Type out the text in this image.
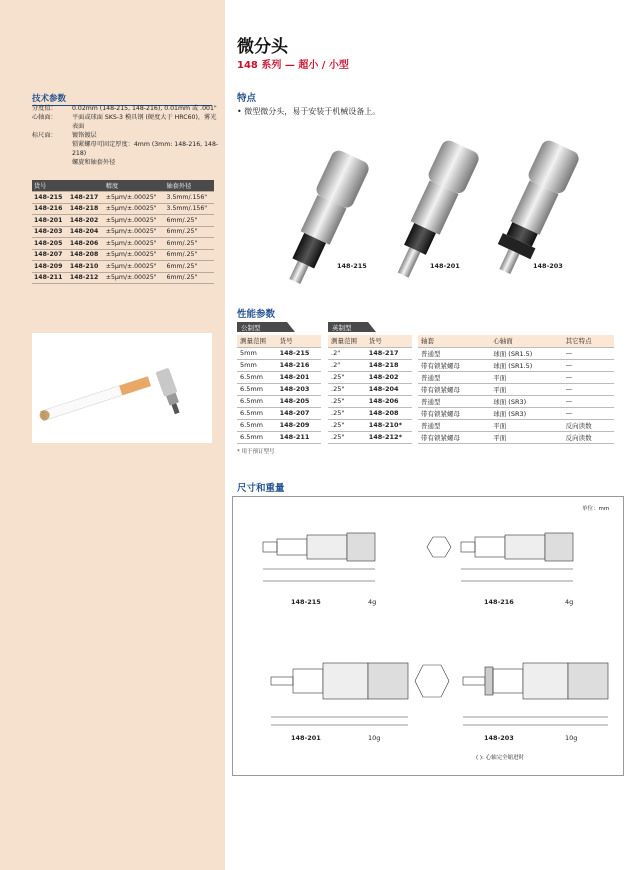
微分头
148 系列 — 超小 / 小型
技术参数
分度值：	0.02mm (148-215, 148-216), 0.01mm 或 .001"
心轴面：	平面或球面 SKS-3 模具钢 (硬度大于 HRC60)，雾光表面
标尺面：	镀铬镀层
锁紧螺母可固定厚度：4mm (3mm: 148-216, 148-218)
螺旋和轴套外径
货号		精度	轴套外径
148-215	148-217	±5μm/±.00025"	3.5mm/.156"
148-216	148-218	±5μm/±.00025"	3.5mm/.156"
148-201	148-202	±5μm/±.00025"	6mm/.25"
148-203	148-204	±5μm/±.00025"	6mm/.25"
148-205	148-206	±5μm/±.00025"	6mm/.25"
148-207	148-208	±5μm/±.00025"	6mm/.25"
148-209	148-210	±5μm/±.00025"	6mm/.25"
148-211	148-212	±5μm/±.00025"	6mm/.25"
特点
• 微型微分头，易于安装于机械设备上。
148-215	148-201	148-203
性能参数
公制型	英制型
测量范围	货号
5mm	148-215
5mm	148-216
6.5mm	148-201
6.5mm	148-203
6.5mm	148-205
6.5mm	148-207
6.5mm	148-209
6.5mm	148-211
测量范围	货号
.2"	148-217
.2"	148-218
.25"	148-202
.25"	148-204
.25"	148-206
.25"	148-208
.25"	148-210*
.25"	148-212*
轴套	心轴面	其它特点
普通型	球面 (SR1.5)	—
带有锁紧螺母	球面 (SR1.5)	—
普通型	平面	—
带有锁紧螺母	平面	—
普通型	球面 (SR3)	—
带有锁紧螺母	球面 (SR3)	—
普通型	平面	反向读数
带有锁紧螺母	平面	反向读数
* 用于预订型号
尺寸和重量
单位：mm
148-215	4g	148-216	4g
148-201	10g	148-203	10g
( ): 心轴完全缩进时
